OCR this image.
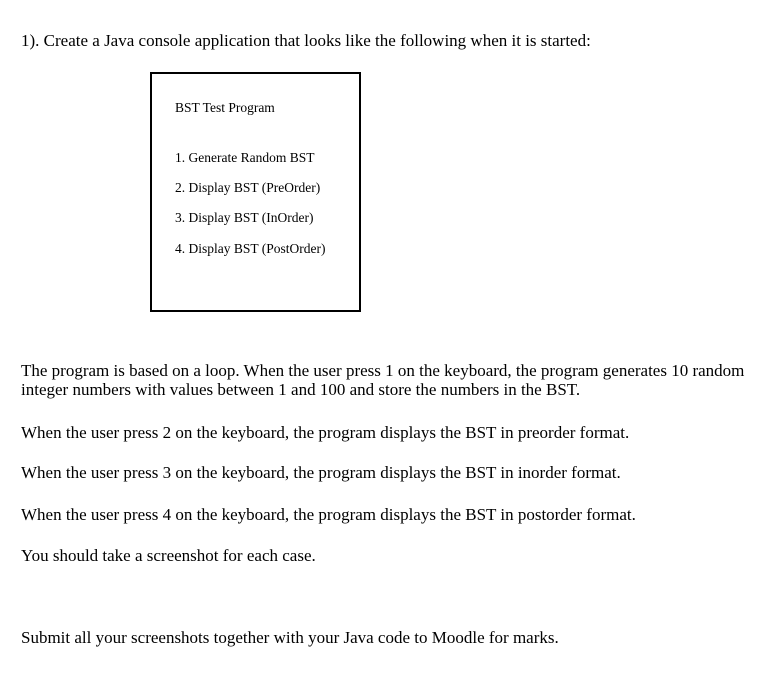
1). Create a Java console application that looks like the following when it is started:
BST Test Program
1. Generate Random BST
2. Display BST (PreOrder)
3. Display BST (InOrder)
4. Display BST (PostOrder)
The program is based on a loop. When the user press 1 on the keyboard, the program generates 10 random integer numbers with values between 1 and 100 and store the numbers in the BST.
When the user press 2 on the keyboard, the program displays the BST in preorder format.
When the user press 3 on the keyboard, the program displays the BST in inorder format.
When the user press 4 on the keyboard, the program displays the BST in postorder format.
You should take a screenshot for each case.
Submit all your screenshots together with your Java code to Moodle for marks.
